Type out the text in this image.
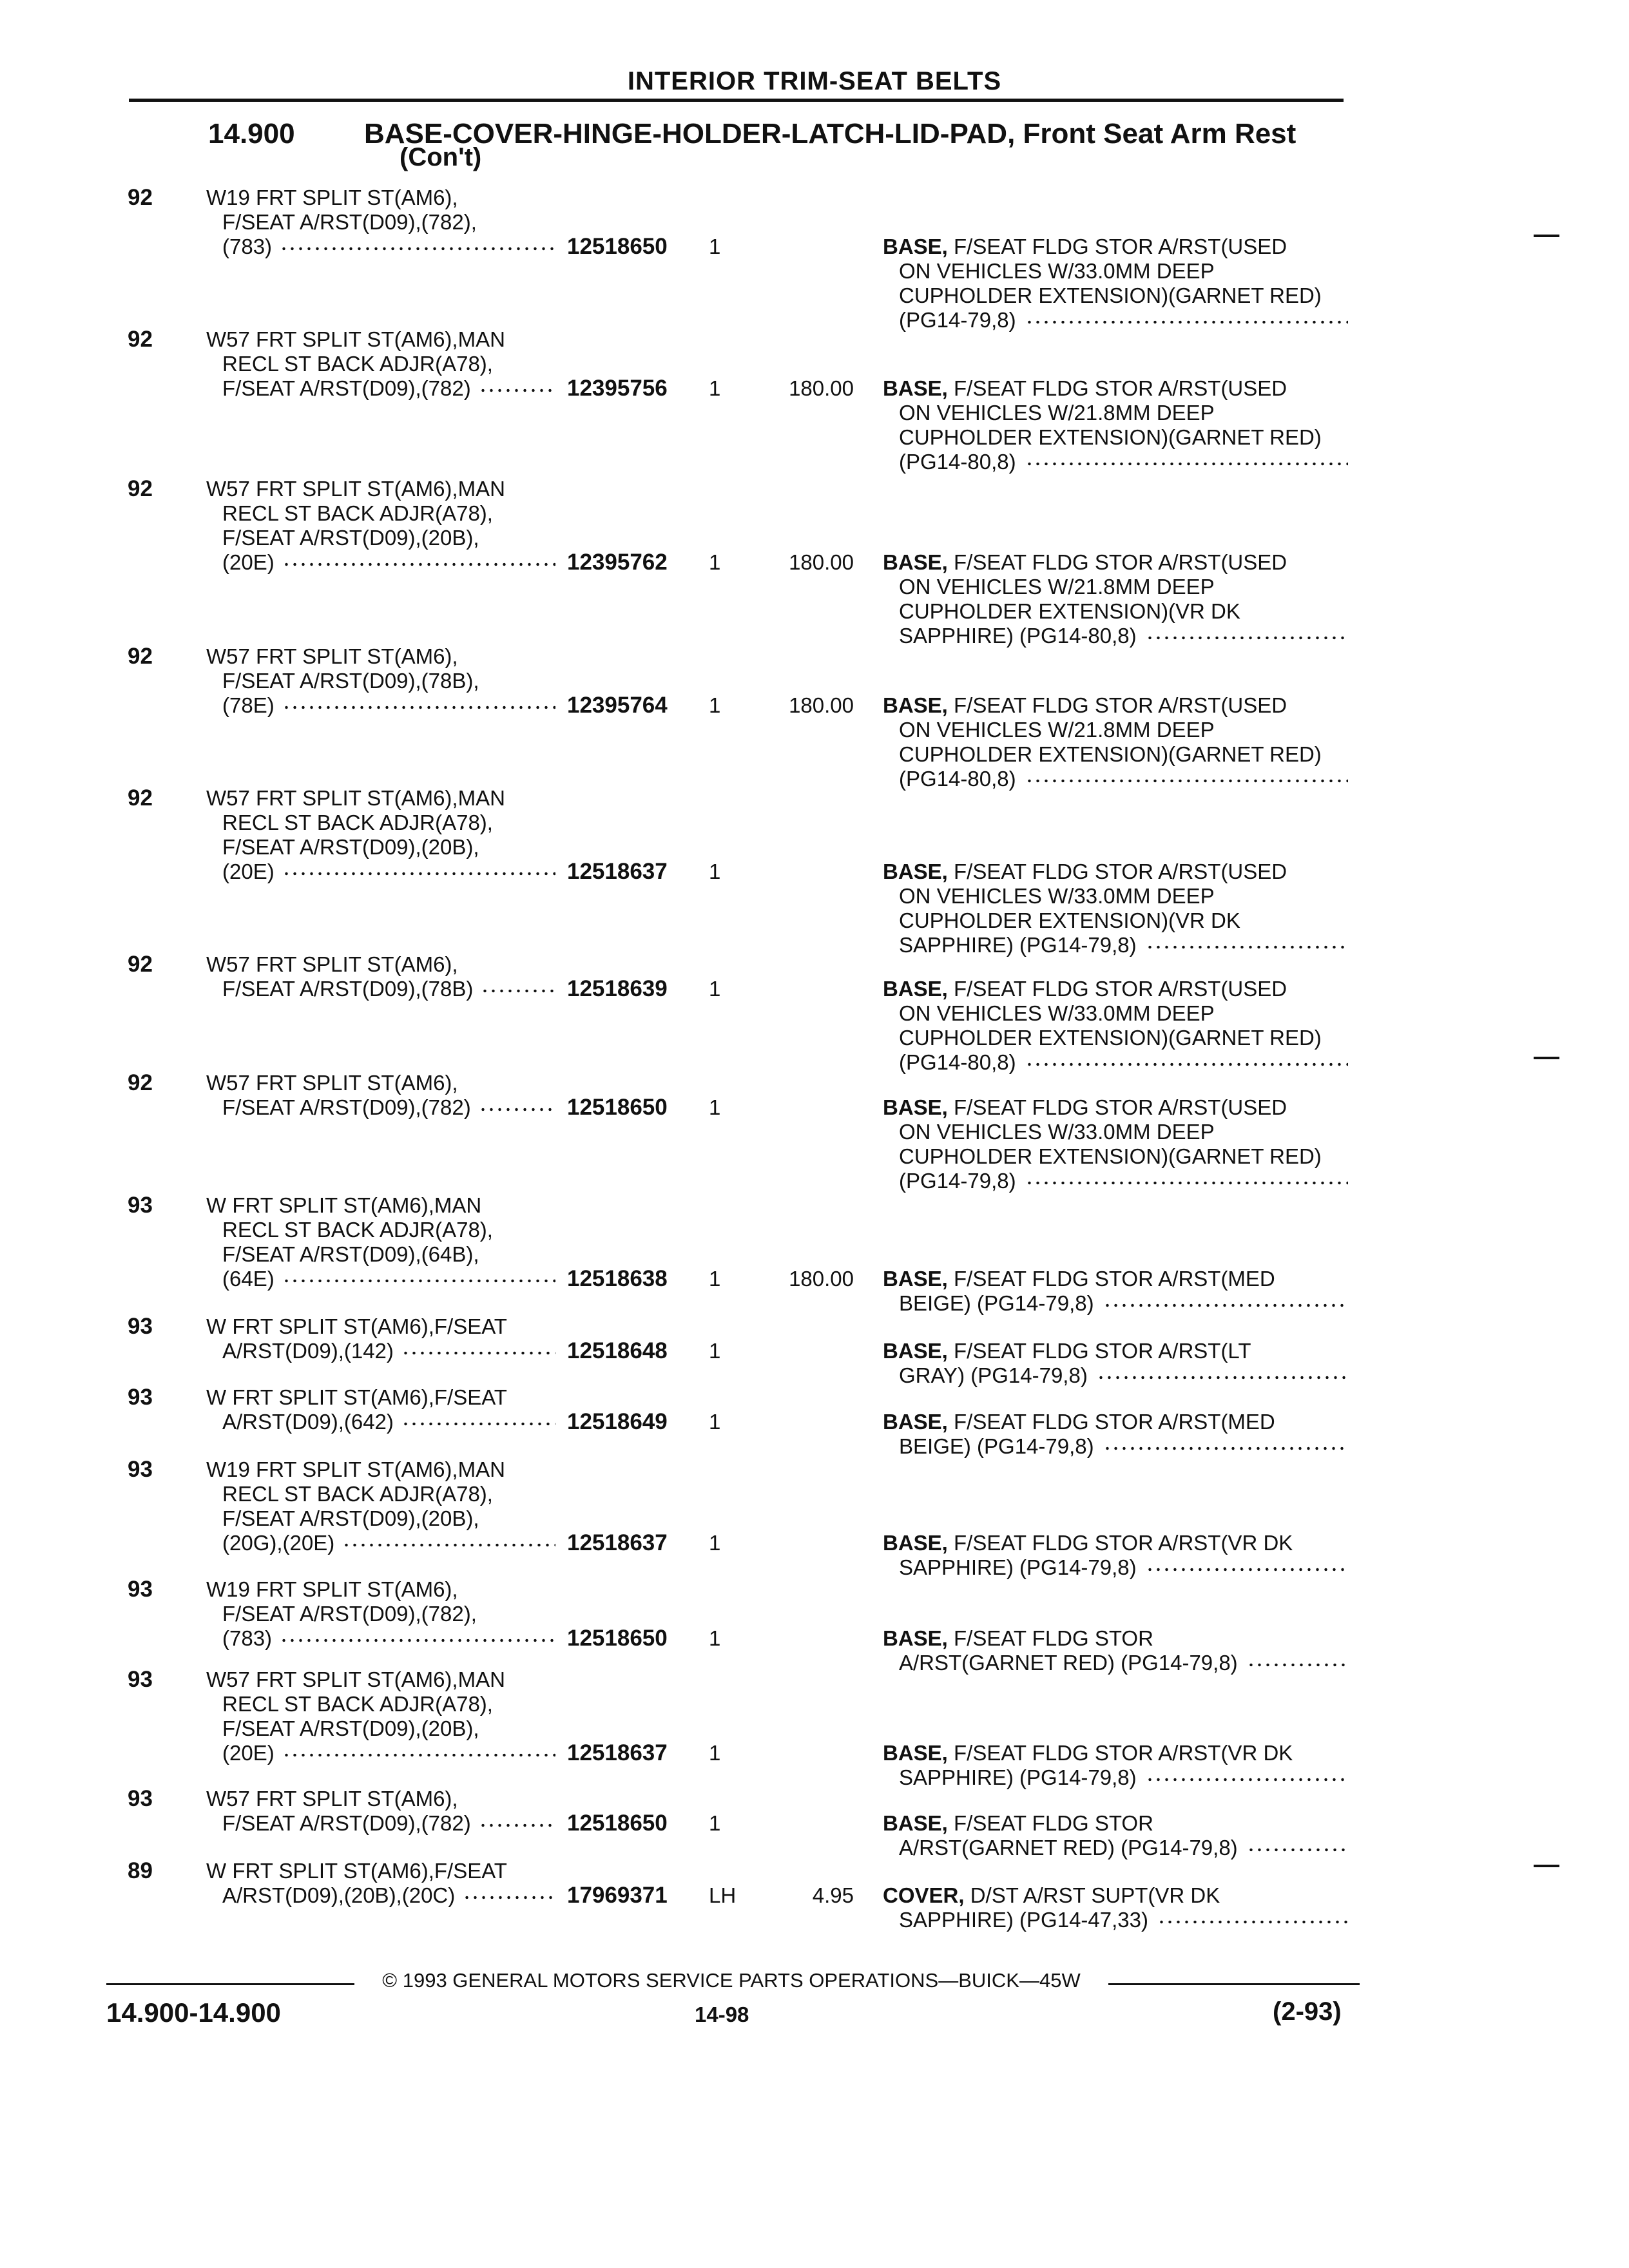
INTERIOR TRIM-SEAT BELTS
14.900 BASE-COVER-HINGE-HOLDER-LATCH-LID-PAD, Front Seat Arm Rest
(Con't)
92	W19 FRT SPLIT ST(AM6),
F/SEAT A/RST(D09),(782),
(783)	12518650 1	BASE, F/SEAT FLDG STOR A/RST(USED
ON VEHICLES W/33.0MM DEEP
CUPHOLDER EXTENSION)(GARNET RED)
(PG14-79,8)
92	W57 FRT SPLIT ST(AM6),MAN
RECL ST BACK ADJR(A78),
F/SEAT A/RST(D09),(782)	12395756 1	180.00 BASE, F/SEAT FLDG STOR A/RST(USED
ON VEHICLES W/21.8MM DEEP
CUPHOLDER EXTENSION)(GARNET RED)
(PG14-80,8)
92	W57 FRT SPLIT ST(AM6),MAN
RECL ST BACK ADJR(A78),
F/SEAT A/RST(D09),(20B),
(20E)	12395762 1	180.00 BASE, F/SEAT FLDG STOR A/RST(USED
ON VEHICLES W/21.8MM DEEP
CUPHOLDER EXTENSION)(VR DK
SAPPHIRE) (PG14-80,8)
92	W57 FRT SPLIT ST(AM6),
F/SEAT A/RST(D09),(78B),
(78E)	12395764 1	180.00 BASE, F/SEAT FLDG STOR A/RST(USED
ON VEHICLES W/21.8MM DEEP
CUPHOLDER EXTENSION)(GARNET RED)
(PG14-80,8)
92	W57 FRT SPLIT ST(AM6),MAN
RECL ST BACK ADJR(A78),
F/SEAT A/RST(D09),(20B),
(20E)	12518637 1	BASE, F/SEAT FLDG STOR A/RST(USED
ON VEHICLES W/33.0MM DEEP
CUPHOLDER EXTENSION)(VR DK
SAPPHIRE) (PG14-79,8)
92	W57 FRT SPLIT ST(AM6),
F/SEAT A/RST(D09),(78B)	12518639 1	BASE, F/SEAT FLDG STOR A/RST(USED
ON VEHICLES W/33.0MM DEEP
CUPHOLDER EXTENSION)(GARNET RED)
(PG14-80,8)
92	W57 FRT SPLIT ST(AM6),
F/SEAT A/RST(D09),(782)	12518650 1	BASE, F/SEAT FLDG STOR A/RST(USED
ON VEHICLES W/33.0MM DEEP
CUPHOLDER EXTENSION)(GARNET RED)
(PG14-79,8)
93	W FRT SPLIT ST(AM6),MAN
RECL ST BACK ADJR(A78),
F/SEAT A/RST(D09),(64B),
(64E)	12518638 1	180.00 BASE, F/SEAT FLDG STOR A/RST(MED
BEIGE) (PG14-79,8)
93	W FRT SPLIT ST(AM6),F/SEAT
A/RST(D09),(142)	12518648 1	BASE, F/SEAT FLDG STOR A/RST(LT
GRAY) (PG14-79,8)
93	W FRT SPLIT ST(AM6),F/SEAT
A/RST(D09),(642)	12518649 1	BASE, F/SEAT FLDG STOR A/RST(MED
BEIGE) (PG14-79,8)
93	W19 FRT SPLIT ST(AM6),MAN
RECL ST BACK ADJR(A78),
F/SEAT A/RST(D09),(20B),
(20G),(20E)	12518637 1	BASE, F/SEAT FLDG STOR A/RST(VR DK
SAPPHIRE) (PG14-79,8)
93	W19 FRT SPLIT ST(AM6),
F/SEAT A/RST(D09),(782),
(783)	12518650 1	BASE, F/SEAT FLDG STOR
A/RST(GARNET RED) (PG14-79,8)
93	W57 FRT SPLIT ST(AM6),MAN
RECL ST BACK ADJR(A78),
F/SEAT A/RST(D09),(20B),
(20E)	12518637 1	BASE, F/SEAT FLDG STOR A/RST(VR DK
SAPPHIRE) (PG14-79,8)
93	W57 FRT SPLIT ST(AM6),
F/SEAT A/RST(D09),(782)	12518650 1	BASE, F/SEAT FLDG STOR
A/RST(GARNET RED) (PG14-79,8)
89	W FRT SPLIT ST(AM6),F/SEAT
A/RST(D09),(20B),(20C)	17969371 LH	4.95 COVER, D/ST A/RST SUPT(VR DK
SAPPHIRE) (PG14-47,33)
© 1993 GENERAL MOTORS SERVICE PARTS OPERATIONS—BUICK—45W
14.900-14.900	14-98	(2-93)
